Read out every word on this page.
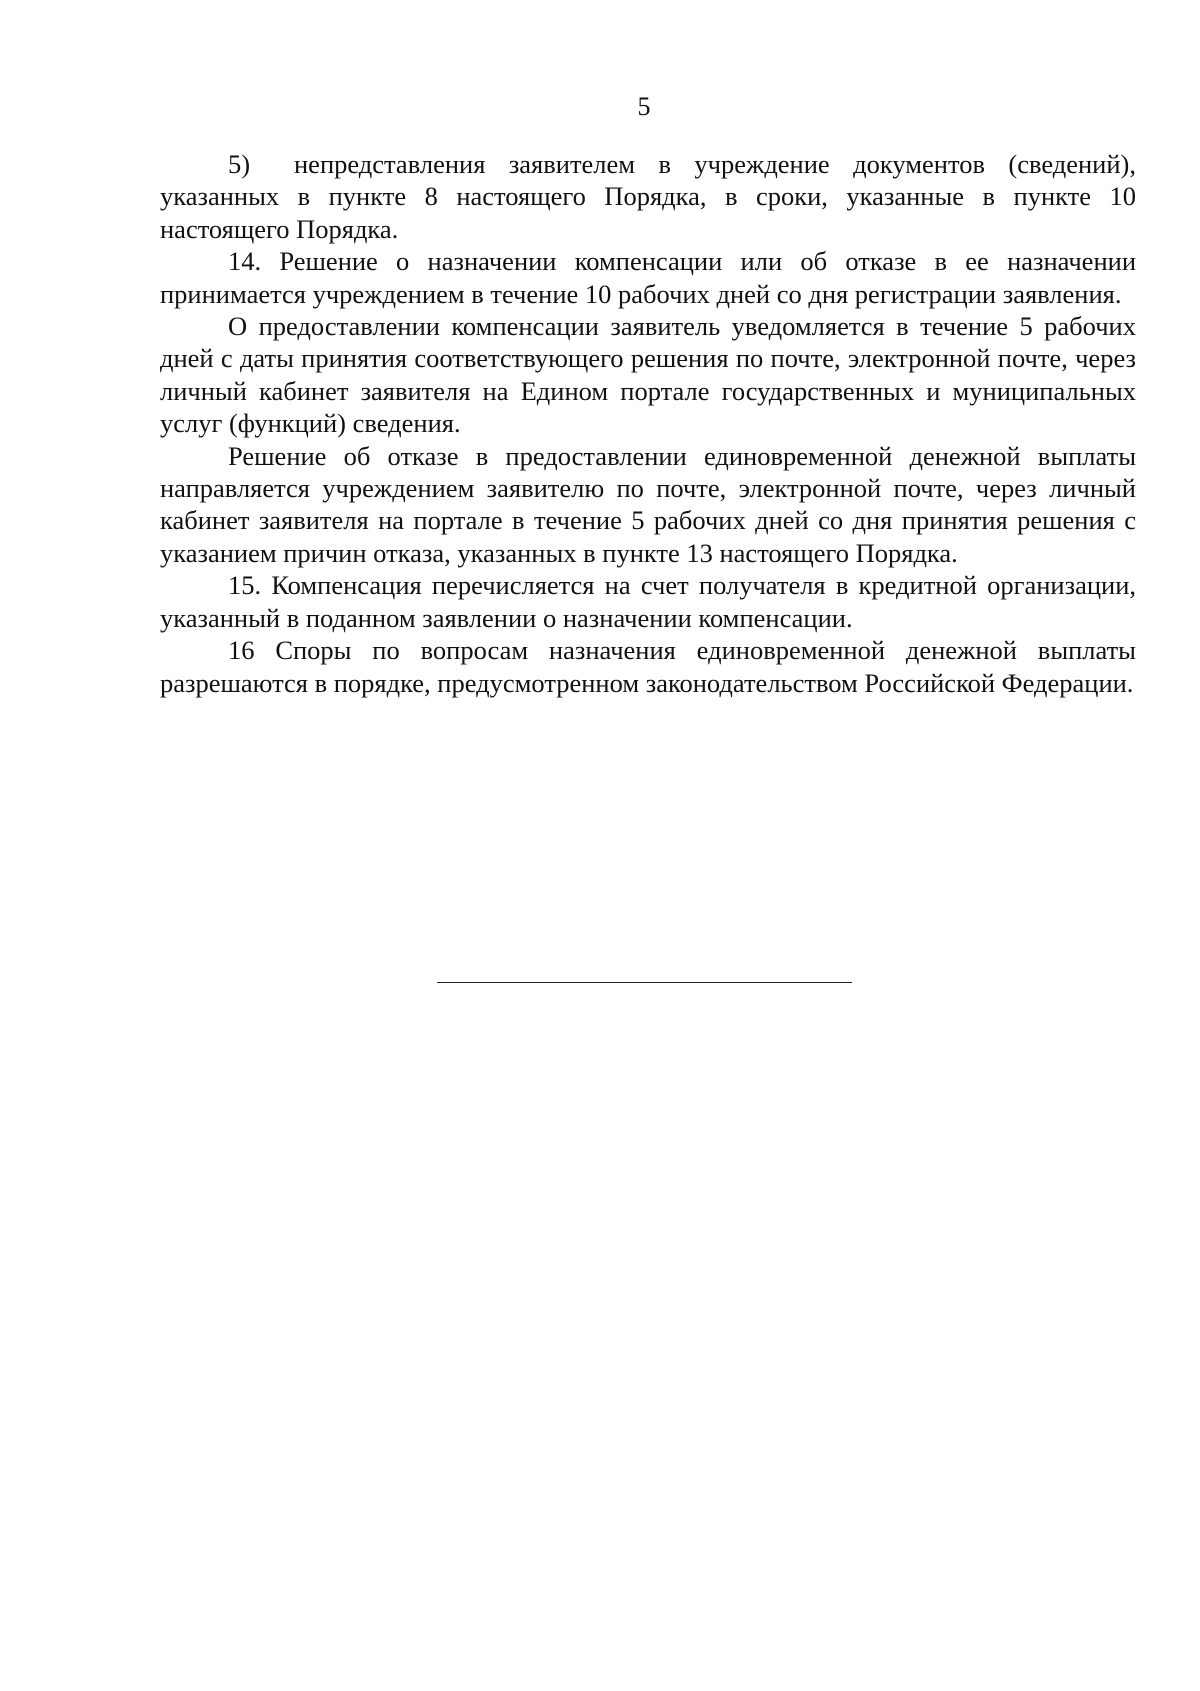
5

5) непредставления заявителем в учреждение документов (сведений), указанных в пункте 8 настоящего Порядка, в сроки, указанные в пункте 10 настоящего Порядка.

14. Решение о назначении компенсации или об отказе в ее назначении принимается учреждением в течение 10 рабочих дней со дня регистрации заявления.

О предоставлении компенсации заявитель уведомляется в течение 5 рабочих дней с даты принятия соответствующего решения по почте, электронной почте, через личный кабинет заявителя на Едином портале государственных и муниципальных услуг (функций) сведения.

Решение об отказе в предоставлении единовременной денежной выплаты направляется учреждением заявителю по почте, электронной почте, через личный кабинет заявителя на портале в течение 5 рабочих дней со дня принятия решения с указанием причин отказа, указанных в пункте 13 настоящего Порядка.

15. Компенсация перечисляется на счет получателя в кредитной организации, указанный в поданном заявлении о назначении компенсации.

16 Споры по вопросам назначения единовременной денежной выплаты разрешаются в порядке, предусмотренном законодательством Российской Федерации.
